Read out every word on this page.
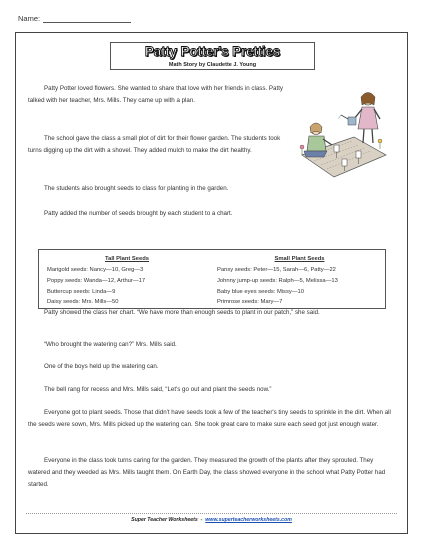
Name:
Patty Potter's Pretties
Math Story by Claudette J. Young
Patty Potter loved flowers. She wanted to share that love with her friends in class. Patty talked with her teacher, Mrs. Mills. They came up with a plan.
The school gave the class a small plot of dirt for their flower garden. The students took turns digging up the dirt with a shovel. They added mulch to make the dirt healthy.
The students also brought seeds to class for planting in the garden.
Patty added the number of seeds brought by each student to a chart.
Tall Plant Seeds
Marigold seeds: Nancy—10, Greg—3
Poppy seeds: Wanda—12, Arthur—17
Buttercup seeds: Linda—9
Daisy seeds: Mrs. Mills—50
Small Plant Seeds
Pansy seeds: Peter—15, Sarah—6, Patty—22
Johnny jump-up seeds: Ralph—5, Melissa—13
Baby blue eyes seeds: Missy—10
Primrose seeds: Mary—7
Patty showed the class her chart. “We have more than enough seeds to plant in our patch,” she said.
“Who brought the watering can?” Mrs. Mills said.
One of the boys held up the watering can.
The bell rang for recess and Mrs. Mills said, “Let's go out and plant the seeds now.”
Everyone got to plant seeds. Those that didn't have seeds took a few of the teacher's tiny seeds to sprinkle in the dirt. When all the seeds were sown, Mrs. Mills picked up the watering can. She took great care to make sure each seed got just enough water.
Everyone in the class took turns caring for the garden. They measured the growth of the plants after they sprouted. They watered and they weeded as Mrs. Mills taught them. On Earth Day, the class showed everyone in the school what Patty Potter had started.
Super Teacher Worksheets - www.superteacherworksheets.com
